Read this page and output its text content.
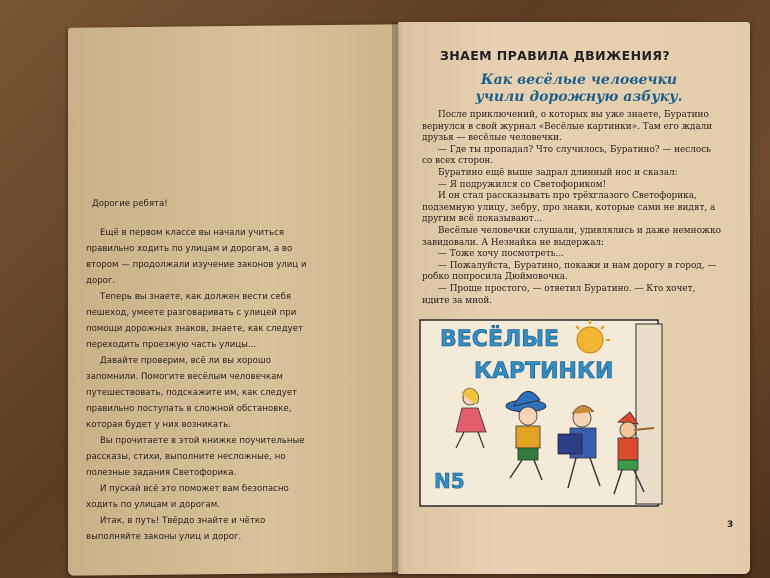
Дорогие ребята!

Ещё в первом классе вы начали учиться правильно ходить по улицам и дорогам, а во втором — продолжали изучение законов улиц и дорог.

Теперь вы знаете, как должен вести себя пешеход, умеете разговаривать с улицей при помощи дорожных знаков, знаете, как следует переходить проезжую часть улицы...

Давайте проверим, всё ли вы хорошо запомнили. Помогите весёлым человечкам путешествовать, подскажите им, как следует правильно поступать в сложной обстановке, которая будет у них возникать.

Вы прочитаете в этой книжке поучительные рассказы, стихи, выполните несложные, но полезные задания Светофорика.

И пускай всё это поможет вам безопасно ходить по улицам и дорогам.

Итак, в путь! Твёрдо знайте и чётко выполняйте законы улиц и дорог.

ЗНАЕМ ПРАВИЛА ДВИЖЕНИЯ?
Как весёлые человечки
учили дорожную азбуку.

После приключений, о которых вы уже знаете, Буратино вернулся в свой журнал «Весёлые картинки». Там его ждали друзья — весёлые человечки.

— Где ты пропадал? Что случилось, Буратино? — неслось со всех сторон.

Буратино ещё выше задрал длинный нос и сказал:

— Я подружился со Светофориком!

И он стал рассказывать про трёхглазого Светофорика, подземную улицу, зебру, про знаки, которые сами не видят, а другим всё показывают...

Весёлые человечки слушали, удивлялись и даже немножко завидовали. А Незнайка не выдержал:

— Тоже хочу посмотреть...

— Пожалуйста, Буратино, покажи и нам дорогу в город, — робко попросила Дюймовочка.

— Проще простого, — ответил Буратино. — Кто хочет, идите за мной.

ВЕСЁЛЫЕ
КАРТИНКИ
N5
3
